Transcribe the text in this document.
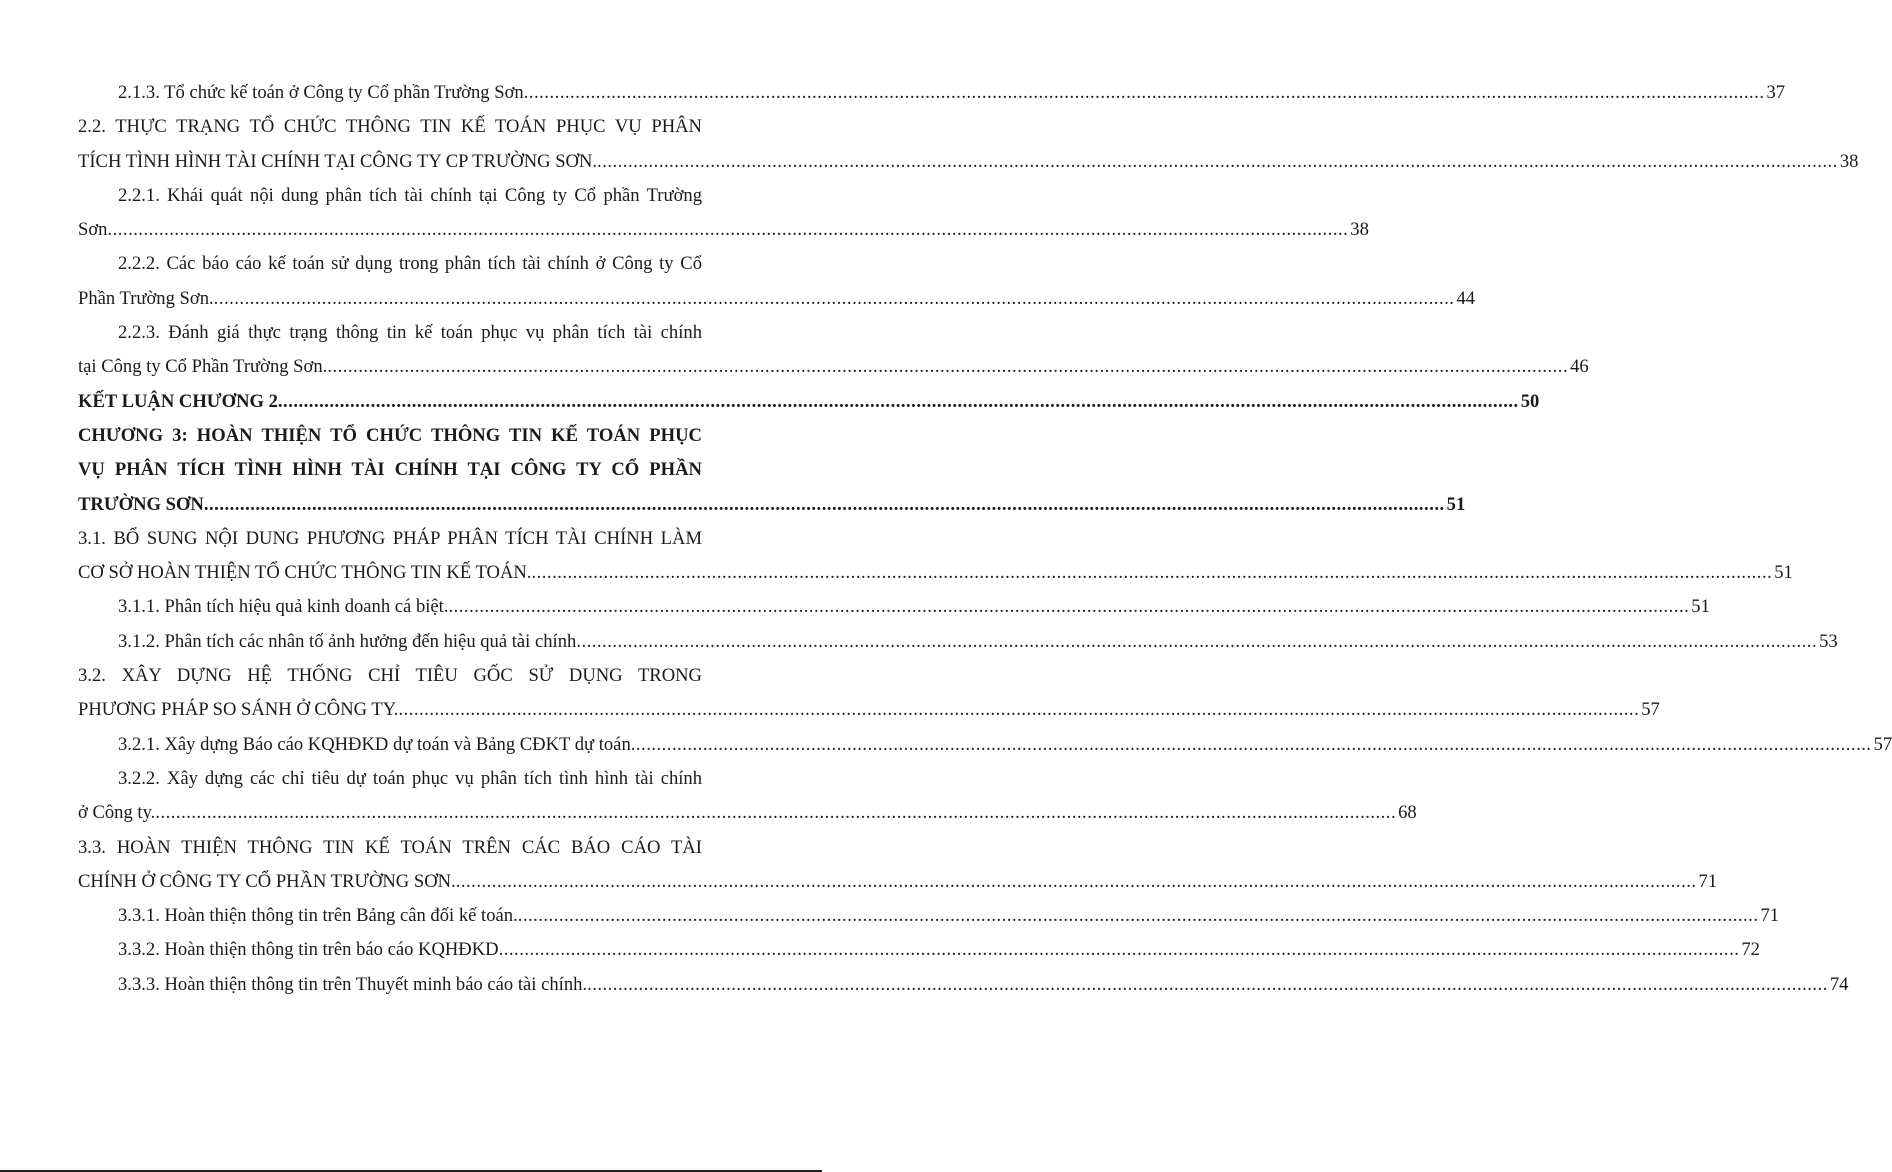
2.1.3. Tổ chức kế toán ở Công ty Cổ phần Trường Sơn .....	37
2.2. THỰC TRẠNG TỔ CHỨC THÔNG TIN KẾ TOÁN PHỤC VỤ PHÂN
TÍCH TÌNH HÌNH TÀI CHÍNH TẠI CÔNG TY CP TRƯỜNG SƠN. .....	38
2.2.1. Khái quát nội dung phân tích tài chính tại Công ty Cổ phần Trường
Sơn .....	38
2.2.2. Các báo cáo kế toán sử dụng trong phân tích tài chính ở Công ty Cổ
Phần Trường Sơn. .....	44
2.2.3. Đánh giá thực trạng thông tin kế toán phục vụ phân tích tài chính
tại Công ty Cổ Phần Trường Sơn. .....	46
KẾT LUẬN CHƯƠNG 2 .....	50
CHƯƠNG 3: HOÀN THIỆN TỔ CHỨC THÔNG TIN KẾ TOÁN PHỤC
VỤ PHÂN TÍCH TÌNH HÌNH TÀI CHÍNH TẠI CÔNG TY CỔ PHẦN
TRƯỜNG SƠN .....	51
3.1. BỔ SUNG NỘI DUNG PHƯƠNG PHÁP PHÂN TÍCH TÀI CHÍNH LÀM
CƠ SỞ HOÀN THIỆN TỔ CHỨC THÔNG TIN KẾ TOÁN. .....	51
3.1.1. Phân tích hiệu quả kinh doanh cá biệt. .....	51
3.1.2. Phân tích các nhân tố ảnh hưởng đến hiệu quả tài chính .....	53
3.2. XÂY DỰNG HỆ THỐNG CHỈ TIÊU GỐC SỬ DỤNG TRONG
PHƯƠNG PHÁP SO SÁNH Ở CÔNG TY. .....	57
3.2.1. Xây dựng Báo cáo KQHĐKD dự toán và Bảng CĐKT dự toán .....	57
3.2.2. Xây dựng các chỉ tiêu dự toán phục vụ phân tích tình hình tài chính
ở Công ty. .....	68
3.3. HOÀN THIỆN THÔNG TIN KẾ TOÁN TRÊN CÁC BÁO CÁO TÀI
CHÍNH Ở CÔNG TY CỔ PHẦN TRƯỜNG SƠN. .....	71
3.3.1. Hoàn thiện thông tin trên Bảng cân đối kế toán. .....	71
3.3.2. Hoàn thiện thông tin trên báo cáo KQHĐKD .....	72
3.3.3. Hoàn thiện thông tin trên Thuyết minh báo cáo tài chính. .....	74
